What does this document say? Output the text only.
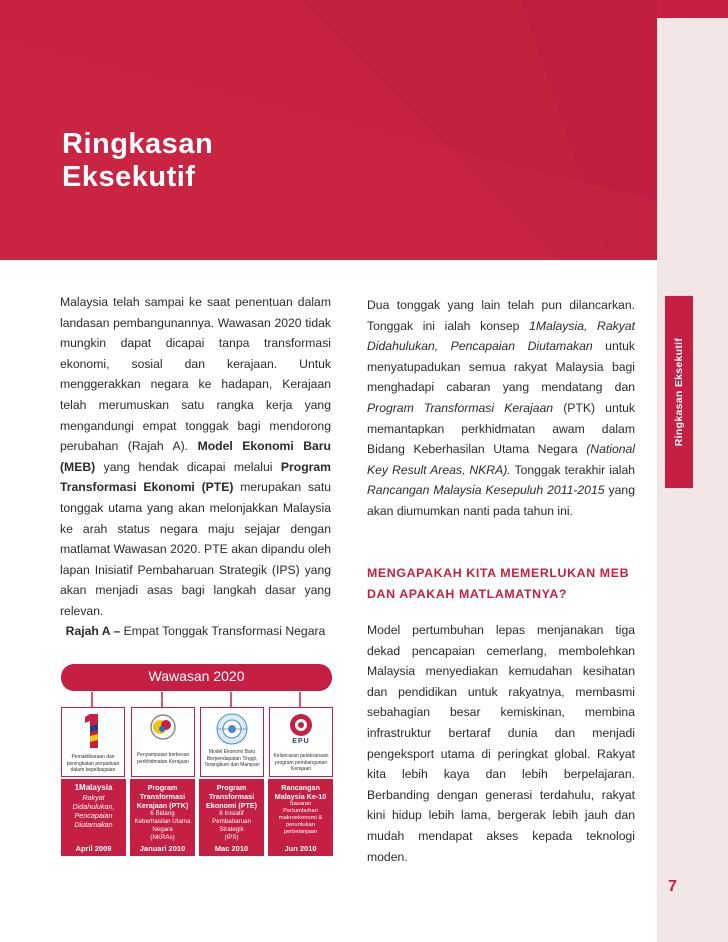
Ringkasan
Eksekutif
Ringkasan Eksekutif

Malaysia telah sampai ke saat penentuan dalam landasan pembangunannya. Wawasan 2020 tidak mungkin dapat dicapai tanpa transformasi ekonomi, sosial dan kerajaan. Untuk menggerakkan negara ke hadapan, Kerajaan telah merumuskan satu rangka kerja yang mengandungi empat tonggak bagi mendorong perubahan (Rajah A). Model Ekonomi Baru (MEB) yang hendak dicapai melalui Program Transformasi Ekonomi (PTE) merupakan satu tonggak utama yang akan melonjakkan Malaysia ke arah status negara maju sejajar dengan matlamat Wawasan 2020. PTE akan dipandu oleh lapan Inisiatif Pembaharuan Strategik (IPS) yang akan menjadi asas bagi langkah dasar yang relevan.

Dua tonggak yang lain telah pun dilancarkan. Tonggak ini ialah konsep 1Malaysia, Rakyat Didahulukan, Pencapaian Diutamakan untuk menyatupadukan semua rakyat Malaysia bagi menghadapi cabaran yang mendatang dan Program Transformasi Kerajaan (PTK) untuk memantapkan perkhidmatan awam dalam Bidang Keberhasilan Utama Negara (National Key Result Areas, NKRA). Tonggak terakhir ialah Rancangan Malaysia Kesepuluh 2011-2015 yang akan diumumkan nanti pada tahun ini.

MENGAPAKAH KITA MEMERLUKAN MEB DAN APAKAH MATLAMATNYA?

Model pertumbuhan lepas menjanakan tiga dekad pencapaian cemerlang, membolehkan Malaysia menyediakan kemudahan kesihatan dan pendidikan untuk rakyatnya, membasmi sebahagian besar kemiskinan, membina infrastruktur bertaraf dunia dan menjadi pengeksport utama di peringkat global. Rakyat kita lebih kaya dan lebih berpelajaran. Berbanding dengan generasi terdahulu, rakyat kini hidup lebih lama, bergerak lebih jauh dan mudah mendapat akses kepada teknologi moden.

Rajah A – Empat Tonggak Transformasi Negara
Wawasan 2020
Pemaktikaraan dan peningkatan perpaduan dalam kepelbagaian
Penyampaian berkesan perkhidmatan Kerajaan
Model Ekonomi Baru Berpendapatan Tinggi, Terangkum dan Mampan
EPU
Kelancaran pelaksanaan program pembangunan Kerajaan
1Malaysia
Rakyat
Didahulukan,
Pencapaian
Diutamakan
April 2009
Program Transformasi Kerajaan (PTK)
6 Bidang
Keberhasilan Utama
Negara
(NKRAs)
Januari 2010
Program Transformasi Ekonomi (PTE)
8 Inisiatif
Pembaharuan
Strategik
(IPS)
Mac 2010
Rancangan Malaysia Ke-10
Sasaran
Pertumbuhan
makroekonomi &
peruntukan
perbelanjaan
Jun 2010
7
